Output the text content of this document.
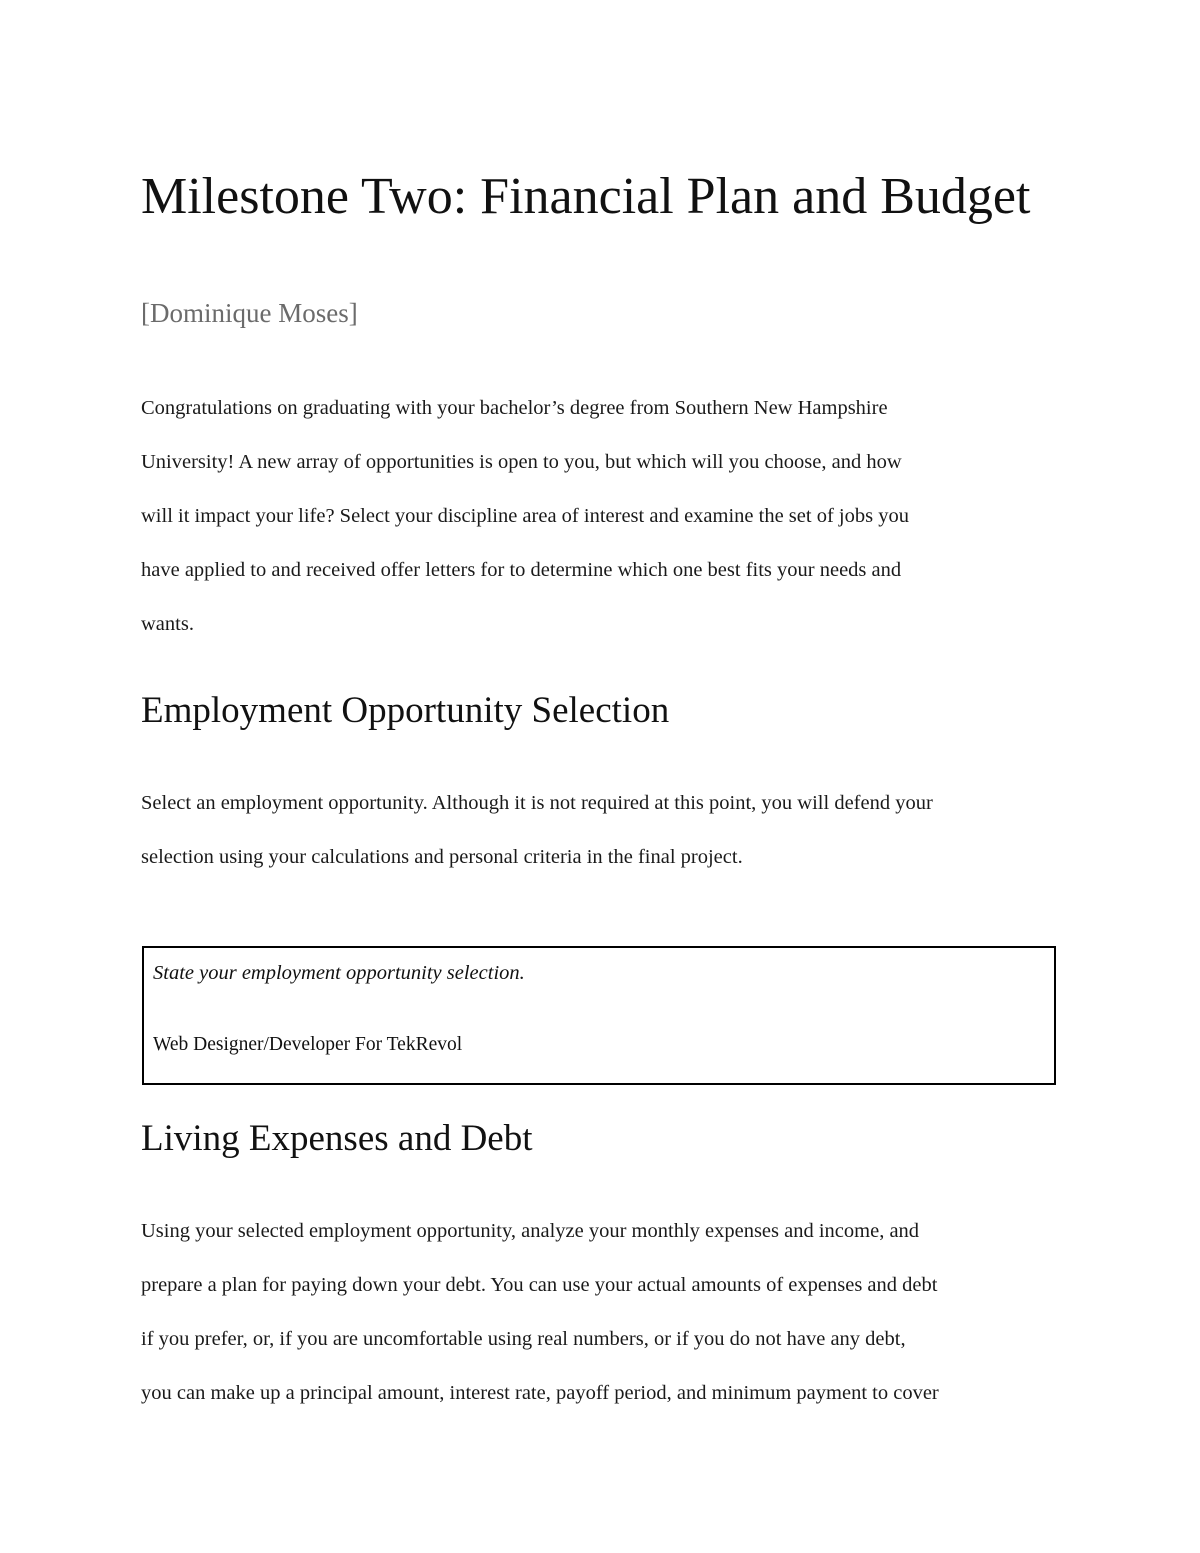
Milestone Two: Financial Plan and Budget

[Dominique Moses]

Congratulations on graduating with your bachelor’s degree from Southern New Hampshire
University! A new array of opportunities is open to you, but which will you choose, and how
will it impact your life? Select your discipline area of interest and examine the set of jobs you
have applied to and received offer letters for to determine which one best fits your needs and
wants.
Employment Opportunity Selection
Select an employment opportunity. Although it is not required at this point, you will defend your
selection using your calculations and personal criteria in the final project.

State your employment opportunity selection.

Web Designer/Developer For TekRevol

Living Expenses and Debt
Using your selected employment opportunity, analyze your monthly expenses and income, and
prepare a plan for paying down your debt. You can use your actual amounts of expenses and debt
if you prefer, or, if you are uncomfortable using real numbers, or if you do not have any debt,
you can make up a principal amount, interest rate, payoff period, and minimum payment to cover
